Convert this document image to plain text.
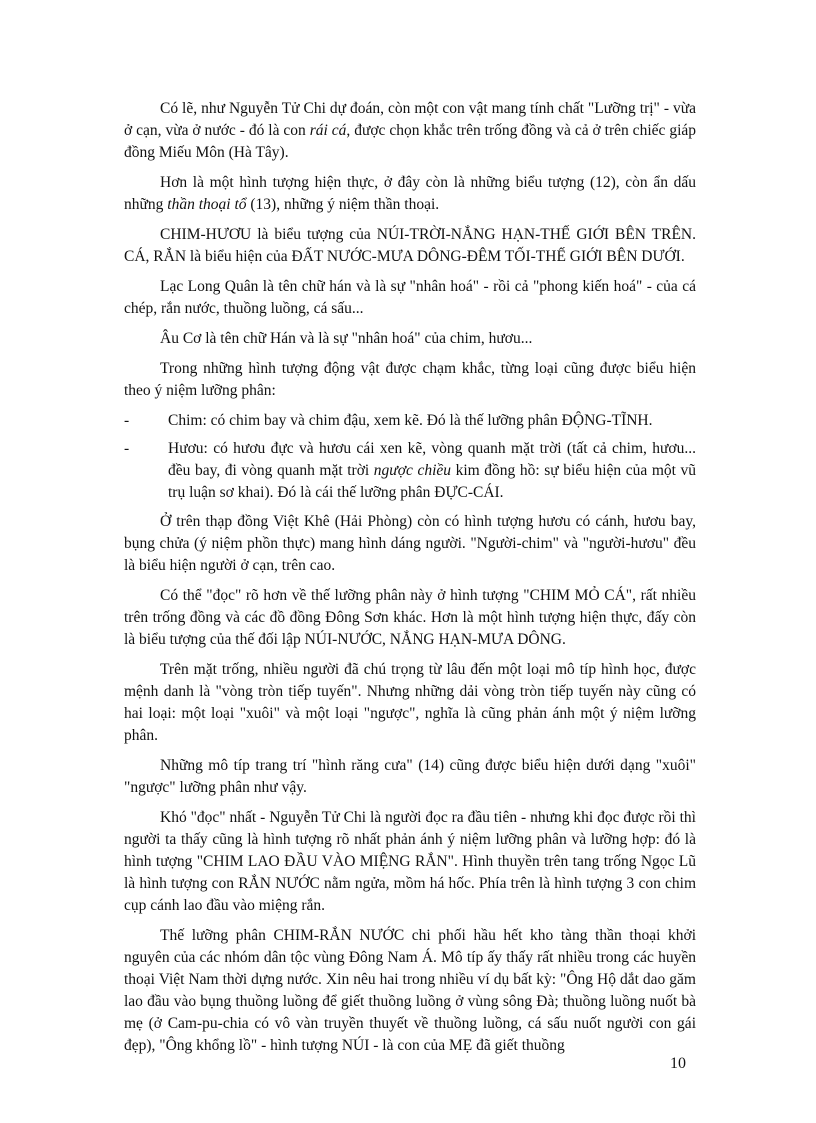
Có lẽ, như Nguyễn Tử Chi dự đoán, còn một con vật mang tính chất "Lưỡng trị" - vừa ở cạn, vừa ở nước - đó là con rái cá, được chọn khắc trên trống đồng và cả ở trên chiếc giáp đồng Miếu Môn (Hà Tây).

Hơn là một hình tượng hiện thực, ở đây còn là những biểu tượng (12), còn ẩn dấu những thần thoại tổ (13), những ý niệm thần thoại.

CHIM-HƯƠU là biểu tượng của NÚI-TRỜI-NẮNG HẠN-THẾ GIỚI BÊN TRÊN. CÁ, RẮN là biểu hiện của ĐẤT NƯỚC-MƯA DÔNG-ĐÊM TỐI-THẾ GIỚI BÊN DƯỚI.

Lạc Long Quân là tên chữ hán và là sự "nhân hoá" - rồi cả "phong kiến hoá" - của cá chép, rắn nước, thuồng luồng, cá sấu...

Âu Cơ là tên chữ Hán và là sự "nhân hoá" của chim, hươu...

Trong những hình tượng động vật được chạm khắc, từng loại cũng được biểu hiện theo ý niệm lưỡng phân:

-	Chim: có chim bay và chim đậu, xem kẽ. Đó là thế lưỡng phân ĐỘNG-TĨNH.
-	Hươu: có hươu đực và hươu cái xen kẽ, vòng quanh mặt trời (tất cả chim, hươu... đều bay, đi vòng quanh mặt trời ngược chiều kim đồng hồ: sự biểu hiện của một vũ trụ luận sơ khai). Đó là cái thế lưỡng phân ĐỰC-CÁI.

Ở trên thạp đồng Việt Khê (Hải Phòng) còn có hình tượng hươu có cánh, hươu bay, bụng chửa (ý niệm phồn thực) mang hình dáng người. "Người-chim" và "người-hươu" đều là biểu hiện người ở cạn, trên cao.

Có thể "đọc" rõ hơn về thế lưỡng phân này ở hình tượng "CHIM MỎ CÁ", rất nhiều trên trống đồng và các đồ đồng Đông Sơn khác. Hơn là một hình tượng hiện thực, đấy còn là biểu tượng của thế đối lập NÚI-NƯỚC, NẮNG HẠN-MƯA DÔNG.

Trên mặt trống, nhiều người đã chú trọng từ lâu đến một loại mô típ hình học, được mệnh danh là "vòng tròn tiếp tuyến". Nhưng những dải vòng tròn tiếp tuyến này cũng có hai loại: một loại "xuôi" và một loại "ngược", nghĩa là cũng phản ánh một ý niệm lưỡng phân.

Những mô típ trang trí "hình răng cưa" (14) cũng được biểu hiện dưới dạng "xuôi" "ngược" lưỡng phân như vậy.

Khó "đọc" nhất - Nguyễn Tử Chi là người đọc ra đầu tiên - nhưng khi đọc được rồi thì người ta thấy cũng là hình tượng rõ nhất phản ánh ý niệm lưỡng phân và lưỡng hợp: đó là hình tượng "CHIM LAO ĐẦU VÀO MIỆNG RẮN". Hình thuyền trên tang trống Ngọc Lũ là hình tượng con RẮN NƯỚC nằm ngửa, mồm há hốc. Phía trên là hình tượng 3 con chim cụp cánh lao đầu vào miệng rắn.

Thế lưỡng phân CHIM-RẮN NƯỚC chi phối hầu hết kho tàng thần thoại khởi nguyên của các nhóm dân tộc vùng Đông Nam Á. Mô típ ấy thấy rất nhiều trong các huyền thoại Việt Nam thời dựng nước. Xin nêu hai trong nhiều ví dụ bất kỳ: "Ông Hộ dắt dao găm lao đầu vào bụng thuồng luồng để giết thuồng luồng ở vùng sông Đà; thuồng luồng nuốt bà mẹ (ở Cam-pu-chia có vô vàn truyền thuyết về thuồng luồng, cá sấu nuốt người con gái đẹp), "Ông khổng lồ" - hình tượng NÚI - là con của MẸ đã giết thuồng

10
